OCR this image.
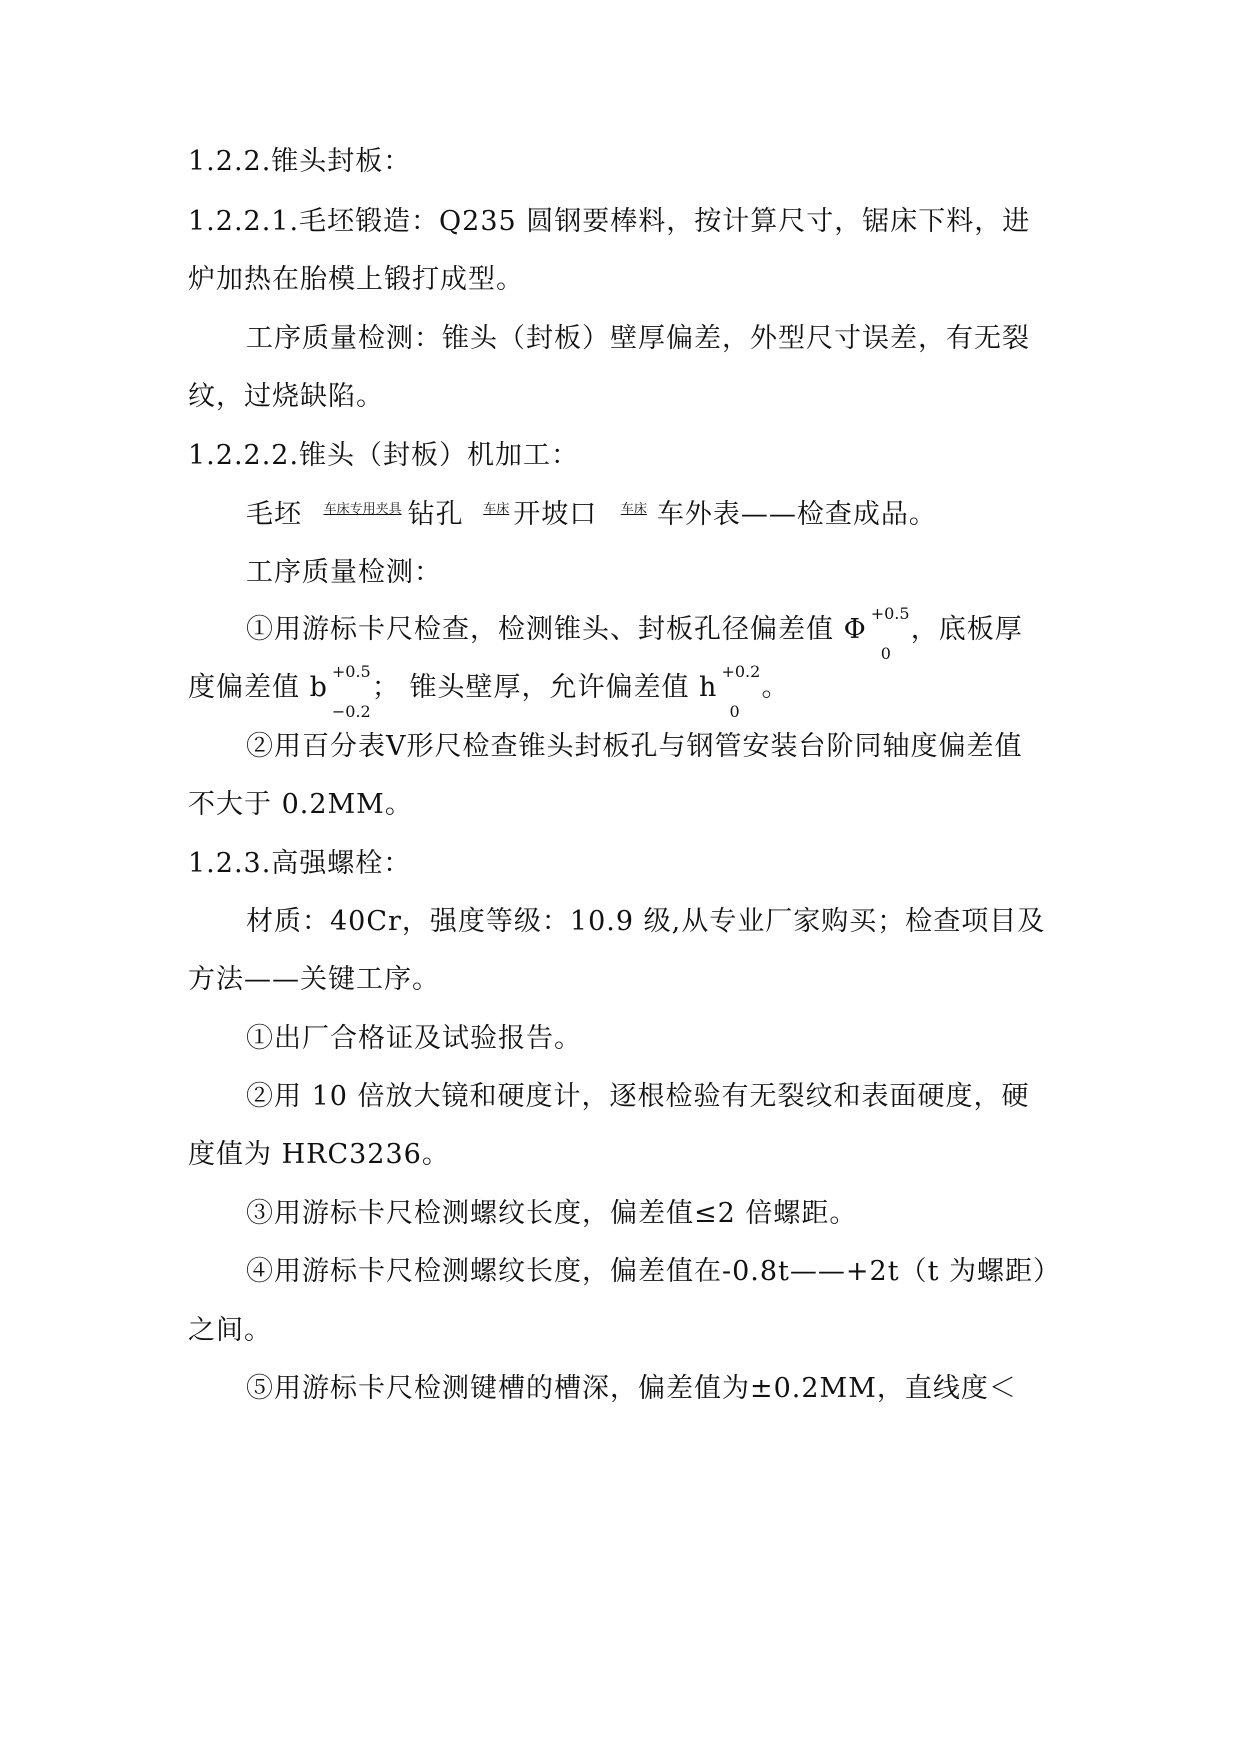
1.2.2.锥头封板：
1.2.2.1.毛坯锻造：Q235 圆钢要棒料，按计算尺寸，锯床下料，进
炉加热在胎模上锻打成型。
工序质量检测：锥头（封板）壁厚偏差，外型尺寸误差，有无裂
纹，过烧缺陷。
1.2.2.2.锥头（封板）机加工：
毛坯 车床专用夹具 钻孔 车床 开坡口 车床 车外表——检查成品。
工序质量检测：
①用游标卡尺检查，检测锥头、封板孔径偏差值 Φ
+0.5
0
，底板厚
度偏差值 b
+0.5
−0.2
； 锥头壁厚，允许偏差值 h
+0.2
0
。
②用百分表Ⅴ形尺检查锥头封板孔与钢管安装台阶同轴度偏差值
不大于 0.2MM。
1.2.3.高强螺栓：
材质：40Cr，强度等级：10.9 级,从专业厂家购买；检查项目及
方法——关键工序。
①出厂合格证及试验报告。
②用 10 倍放大镜和硬度计，逐根检验有无裂纹和表面硬度，硬
度值为 HRC3236。
③用游标卡尺检测螺纹长度，偏差值≤2 倍螺距。
④用游标卡尺检测螺纹长度，偏差值在-0.8t——+2t（t 为螺距）
之间。
⑤用游标卡尺检测键槽的槽深，偏差值为±0.2MM，直线度＜
